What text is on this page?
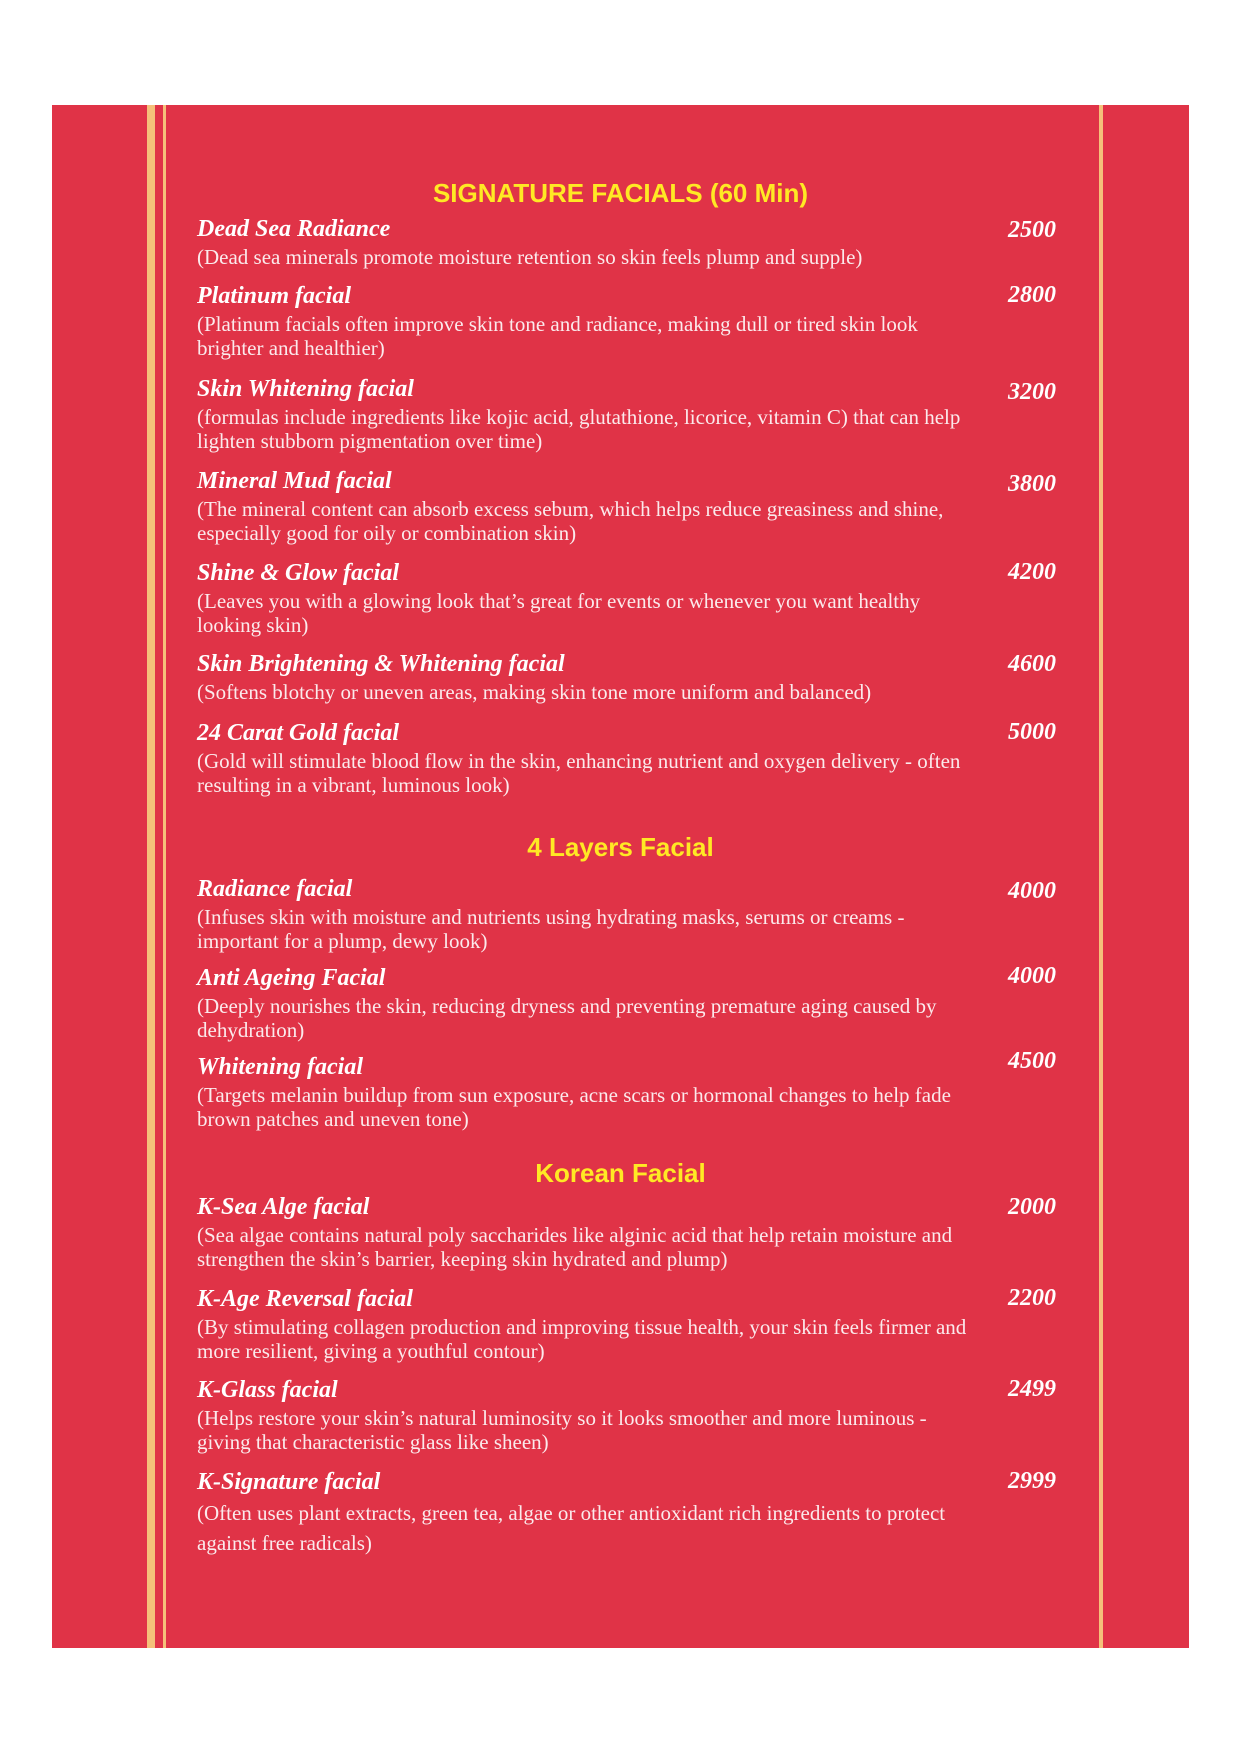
SIGNATURE FACIALS (60 Min)
Dead Sea Radiance
(Dead sea minerals promote moisture retention so skin feels plump and supple)
2500
Platinum facial
(Platinum facials often improve skin tone and radiance, making dull or tired skin look brighter and healthier)
2800
Skin Whitening facial
(formulas include ingredients like kojic acid, glutathione, licorice, vitamin C) that can help lighten stubborn pigmentation over time)
3200
Mineral Mud facial
(The mineral content can absorb excess sebum, which helps reduce greasiness and shine, especially good for oily or combination skin)
3800
Shine & Glow facial
(Leaves you with a glowing look that’s great for events or whenever you want healthy looking skin)
4200
Skin Brightening & Whitening facial
(Softens blotchy or uneven areas, making skin tone more uniform and balanced)
4600
24 Carat Gold facial
(Gold will stimulate blood flow in the skin, enhancing nutrient and oxygen delivery - often resulting in a vibrant, luminous look)
5000
4 Layers Facial
Radiance facial
(Infuses skin with moisture and nutrients using hydrating masks, serums or creams - important for a plump, dewy look)
4000
Anti Ageing Facial
(Deeply nourishes the skin, reducing dryness and preventing premature aging caused by dehydration)
4000
Whitening facial
(Targets melanin buildup from sun exposure, acne scars or hormonal changes to help fade brown patches and uneven tone)
4500
Korean Facial
K-Sea Alge facial
(Sea algae contains natural poly saccharides like alginic acid that help retain moisture and strengthen the skin’s barrier, keeping skin hydrated and plump)
2000
K-Age Reversal facial
(By stimulating collagen production and improving tissue health, your skin feels firmer and more resilient, giving a youthful contour)
2200
K-Glass facial
(Helps restore your skin’s natural luminosity so it looks smoother and more luminous - giving that characteristic glass like sheen)
2499
K-Signature facial
(Often uses plant extracts, green tea, algae or other antioxidant rich ingredients to protect against free radicals)
2999
